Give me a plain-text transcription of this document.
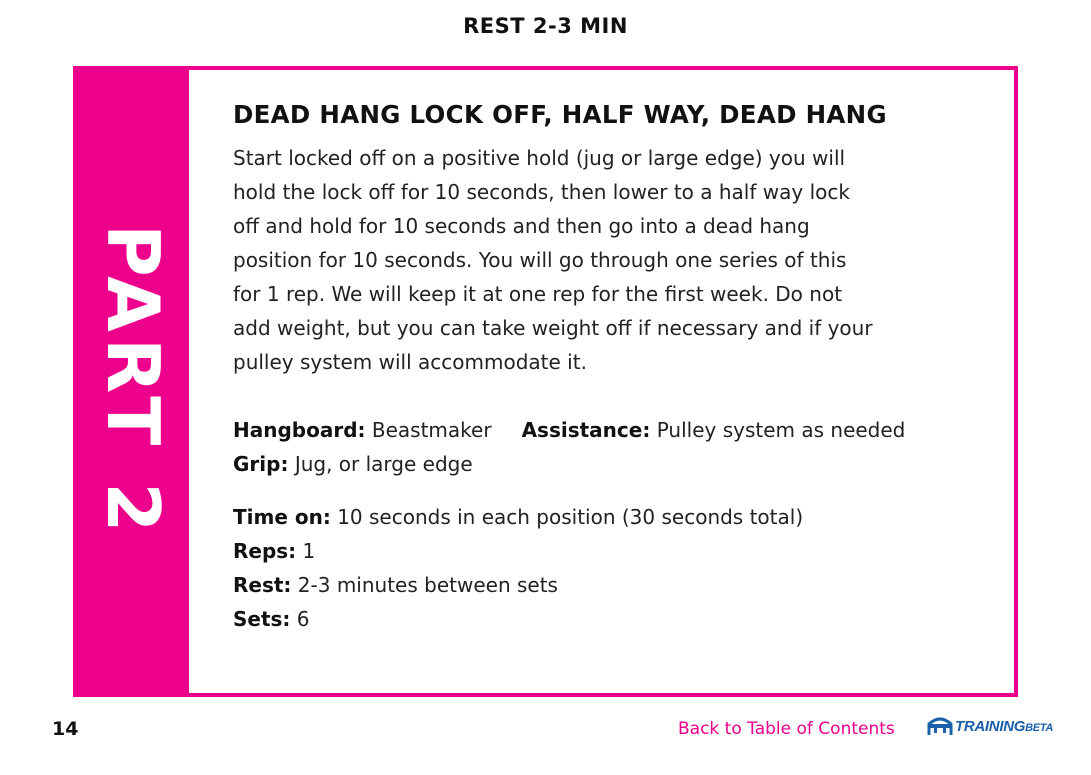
REST 2-3 MIN
PART 2
DEAD HANG LOCK OFF, HALF WAY, DEAD HANG

Start locked off on a positive hold (jug or large edge) you will hold the lock off for 10 seconds, then lower to a half way lock off and hold for 10 seconds and then go into a dead hang position for 10 seconds. You will go through one series of this for 1 rep. We will keep it at one rep for the first week. Do not add weight, but you can take weight off if necessary and if your pulley system will accommodate it.

Hangboard: Beastmaker Assistance: Pulley system as needed
Grip: Jug, or large edge
Time on: 10 seconds in each position (30 seconds total)
Reps: 1
Rest: 2-3 minutes between sets
Sets: 6
14	Back to Table of Contents	TRAININGBETA
